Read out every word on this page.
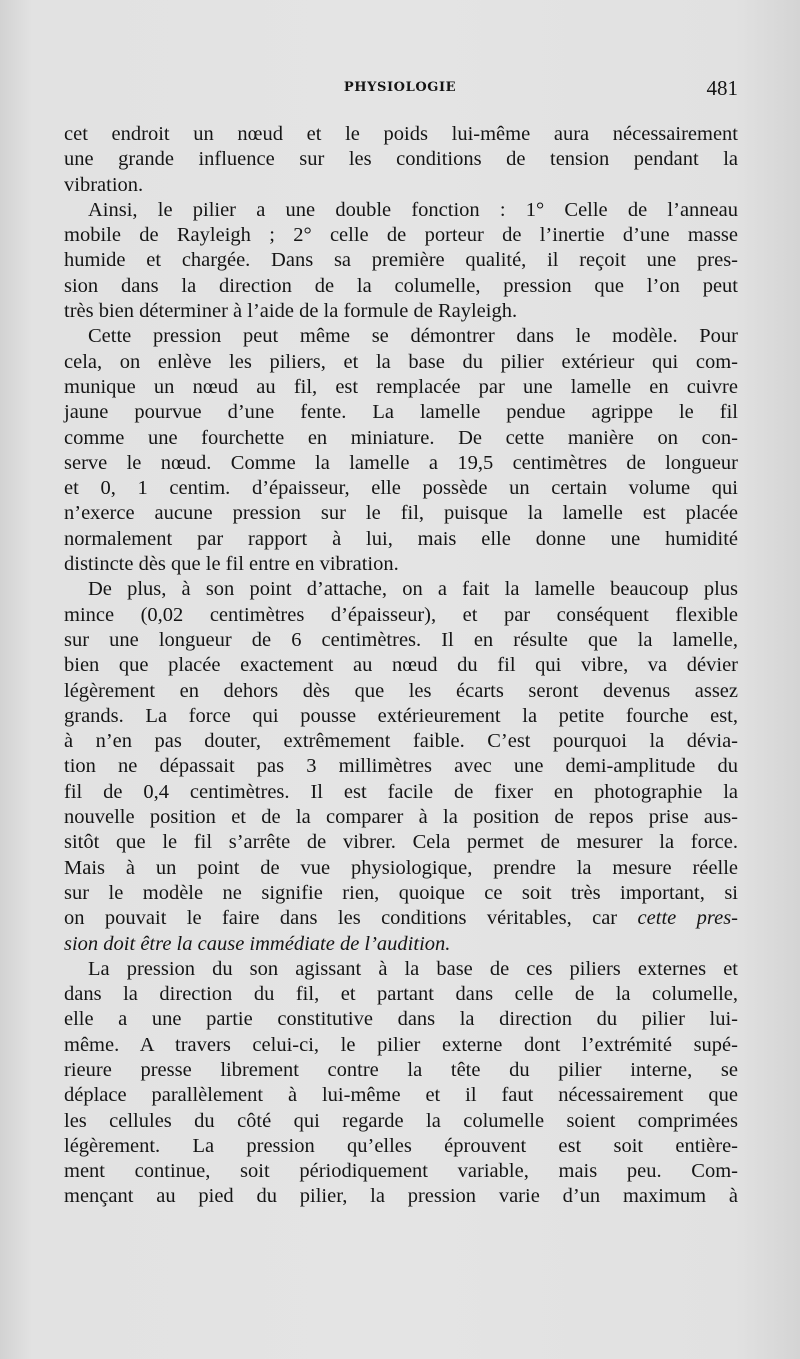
PHYSIOLOGIE	481
cet endroit un nœud et le poids lui-même aura nécessairement
une grande influence sur les conditions de tension pendant la
vibration.
Ainsi, le pilier a une double fonction : 1° Celle de l’anneau
mobile de Rayleigh ; 2° celle de porteur de l’inertie d’une masse
humide et chargée. Dans sa première qualité, il reçoit une pres-
sion dans la direction de la columelle, pression que l’on peut
très bien déterminer à l’aide de la formule de Rayleigh.
Cette pression peut même se démontrer dans le modèle. Pour
cela, on enlève les piliers, et la base du pilier extérieur qui com-
munique un nœud au fil, est remplacée par une lamelle en cuivre
jaune pourvue d’une fente. La lamelle pendue agrippe le fil
comme une fourchette en miniature. De cette manière on con-
serve le nœud. Comme la lamelle a 19,5 centimètres de longueur
et 0, 1 centim. d’épaisseur, elle possède un certain volume qui
n’exerce aucune pression sur le fil, puisque la lamelle est placée
normalement par rapport à lui, mais elle donne une humidité
distincte dès que le fil entre en vibration.
De plus, à son point d’attache, on a fait la lamelle beaucoup plus
mince (0,02 centimètres d’épaisseur), et par conséquent flexible
sur une longueur de 6 centimètres. Il en résulte que la lamelle,
bien que placée exactement au nœud du fil qui vibre, va dévier
légèrement en dehors dès que les écarts seront devenus assez
grands. La force qui pousse extérieurement la petite fourche est,
à n’en pas douter, extrêmement faible. C’est pourquoi la dévia-
tion ne dépassait pas 3 millimètres avec une demi-amplitude du
fil de 0,4 centimètres. Il est facile de fixer en photographie la
nouvelle position et de la comparer à la position de repos prise aus-
sitôt que le fil s’arrête de vibrer. Cela permet de mesurer la force.
Mais à un point de vue physiologique, prendre la mesure réelle
sur le modèle ne signifie rien, quoique ce soit très important, si
on pouvait le faire dans les conditions véritables, car cette pres-
sion doit être la cause immédiate de l’audition.
La pression du son agissant à la base de ces piliers externes et
dans la direction du fil, et partant dans celle de la columelle,
elle a une partie constitutive dans la direction du pilier lui-
même. A travers celui-ci, le pilier externe dont l’extrémité supé-
rieure presse librement contre la tête du pilier interne, se
déplace parallèlement à lui-même et il faut nécessairement que
les cellules du côté qui regarde la columelle soient comprimées
légèrement. La pression qu’elles éprouvent est soit entière-
ment continue, soit périodiquement variable, mais peu. Com-
mençant au pied du pilier, la pression varie d’un maximum à
